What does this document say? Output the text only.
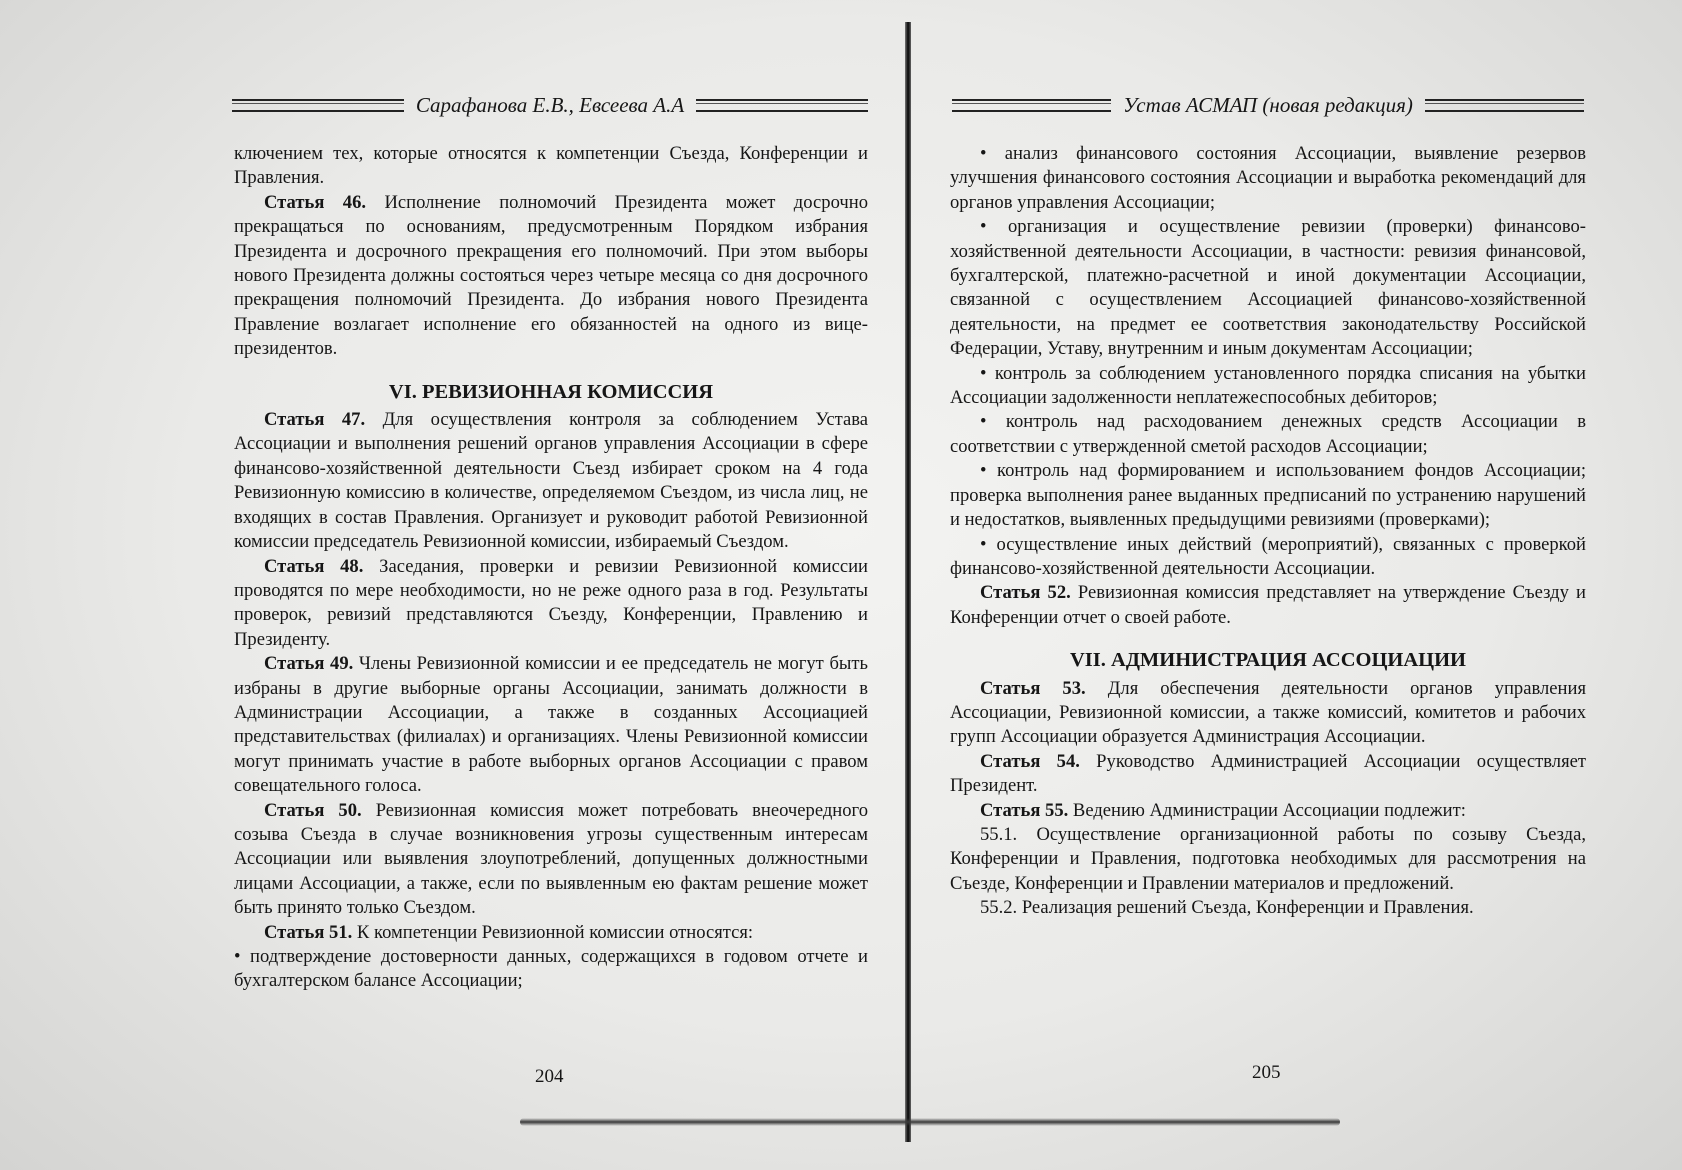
Сарафанова Е.В., Евсеева А.А

ключением тех, которые относятся к компетенции Съезда, Конференции и Правления.

Статья 46. Исполнение полномочий Президента может досрочно прекращаться по основаниям, предусмотренным Порядком избрания Президента и досрочного прекращения его полномочий. При этом выборы нового Президента должны состояться через четыре месяца со дня досрочного прекращения полномочий Президента. До избрания нового Президента Правление возлагает исполнение его обязанностей на одного из вице-президентов.

VI. РЕВИЗИОННАЯ КОМИССИЯ

Статья 47. Для осуществления контроля за соблюдением Устава Ассоциации и выполнения решений органов управления Ассоциации в сфере финансово-хозяйственной деятельности Съезд избирает сроком на 4 года Ревизионную комиссию в количестве, определяемом Съездом, из числа лиц, не входящих в состав Правления. Организует и руководит работой Ревизионной комиссии председатель Ревизионной комиссии, избираемый Съездом.

Статья 48. Заседания, проверки и ревизии Ревизионной комиссии проводятся по мере необходимости, но не реже одного раза в год. Результаты проверок, ревизий представляются Съезду, Конференции, Правлению и Президенту.

Статья 49. Члены Ревизионной комиссии и ее председатель не могут быть избраны в другие выборные органы Ассоциации, занимать должности в Администрации Ассоциации, а также в созданных Ассоциацией представительствах (филиалах) и организациях. Члены Ревизионной комиссии могут принимать участие в работе выборных органов Ассоциации с правом совещательного голоса.

Статья 50. Ревизионная комиссия может потребовать внеочередного созыва Съезда в случае возникновения угрозы существенным интересам Ассоциации или выявления злоупотреблений, допущенных должностными лицами Ассоциации, а также, если по выявленным ею фактам решение может быть принято только Съездом.

Статья 51. К компетенции Ревизионной комиссии относятся:

• подтверждение достоверности данных, содержащихся в годовом отчете и бухгалтерском балансе Ассоциации;

204
Устав АСМАП (новая редакция)

• анализ финансового состояния Ассоциации, выявление резервов улучшения финансового состояния Ассоциации и выработка рекомендаций для органов управления Ассоциации;

• организация и осуществление ревизии (проверки) финансово-хозяйственной деятельности Ассоциации, в частности: ревизия финансовой, бухгалтерской, платежно-расчетной и иной документации Ассоциации, связанной с осуществлением Ассоциацией финансово-хозяйственной деятельности, на предмет ее соответствия законодательству Российской Федерации, Уставу, внутренним и иным документам Ассоциации;

• контроль за соблюдением установленного порядка списания на убытки Ассоциации задолженности неплатежеспособных дебиторов;

• контроль над расходованием денежных средств Ассоциации в соответствии с утвержденной сметой расходов Ассоциации;

• контроль над формированием и использованием фондов Ассоциации; проверка выполнения ранее выданных предписаний по устранению нарушений и недостатков, выявленных предыдущими ревизиями (проверками);

• осуществление иных действий (мероприятий), связанных с проверкой финансово-хозяйственной деятельности Ассоциации.

Статья 52. Ревизионная комиссия представляет на утверждение Съезду и Конференции отчет о своей работе.

VII. АДМИНИСТРАЦИЯ АССОЦИАЦИИ

Статья 53. Для обеспечения деятельности органов управления Ассоциации, Ревизионной комиссии, а также комиссий, комитетов и рабочих групп Ассоциации образуется Администрация Ассоциации.

Статья 54. Руководство Администрацией Ассоциации осуществляет Президент.

Статья 55. Ведению Администрации Ассоциации подлежит:

55.1. Осуществление организационной работы по созыву Съезда, Конференции и Правления, подготовка необходимых для рассмотрения на Съезде, Конференции и Правлении материалов и предложений.

55.2. Реализация решений Съезда, Конференции и Правления.

205
